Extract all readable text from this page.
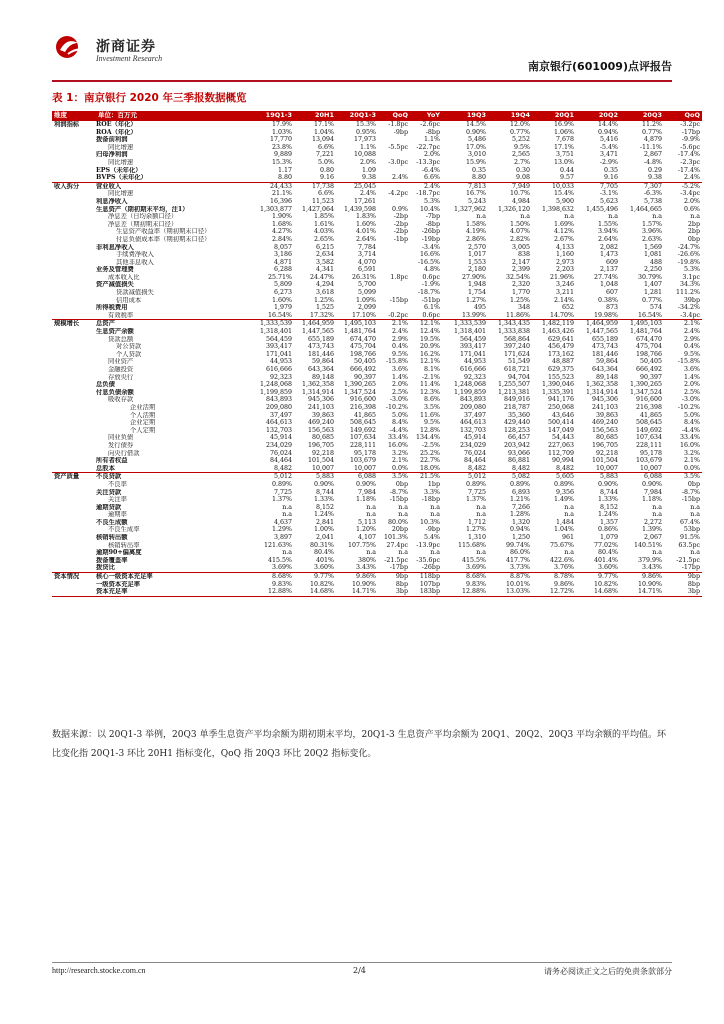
浙商证券
Investment Research
南京银行(601009)点评报告
表 1：南京银行 2020 年三季报数据概览
维度	单位：百万元	19Q1-3	20H1	20Q1-3	QoQ	YoY	19Q3	19Q4	20Q1	20Q2	20Q3	QoQ
利润指标	ROE（年化）	17.9%	17.1%	15.3%	-1.8pc	-2.6pc	14.5%	12.0%	16.9%	14.4%	11.2%	-3.2pc
	ROA（年化）	1.03%	1.04%	0.95%	-9bp	-8bp	0.90%	0.77%	1.06%	0.94%	0.77%	-17bp
	拨备前利润	17,770	13,094	17,973		1.1%	5,486	5,252	7,678	5,416	4,879	-9.9%
	同比增速	23.8%	6.6%	1.1%	-5.5pc	-22.7pc	17.0%	9.5%	17.1%	-5.4%	-11.1%	-5.6pc
	归母净利润	9,889	7,221	10,088		2.0%	3,010	2,565	3,751	3,471	2,867	-17.4%
	同比增速	15.3%	5.0%	2.0%	-3.0pc	-13.3pc	15.9%	2.7%	13.0%	-2.9%	-4.8%	-2.3pc
	EPS（未年化）	1.17	0.80	1.09		-6.4%	0.35	0.30	0.44	0.35	0.29	-17.4%
	BVPS（未年化）	8.80	9.16	9.38	2.4%	6.6%	8.80	9.08	9.57	9.16	9.38	2.4%
收入拆分	营业收入	24,433	17,738	25,045		2.4%	7,813	7,949	10,033	7,705	7,307	-5.2%
	同比增速	21.1%	6.6%	2.4%	-4.2pc	-18.7pc	16.7%	10.7%	15.4%	-3.1%	-6.3%	-3.4pc
	利息净收入	16,396	11,523	17,261		5.3%	5,243	4,984	5,900	5,623	5,738	2.0%
	生息资产（期初期末平均，注1）	1,303,877	1,427,064	1,439,598	0.9%	10.4%	1,327,962	1,326,120	1,398,632	1,455,496	1,464,665	0.6%
	净息差（日均余额口径）	1.90%	1.85%	1.83%	-2bp	-7bp	n.a	n.a	n.a	n.a	n.a	n.a
	净息差（期初期末口径）	1.68%	1.61%	1.60%	-2bp	-8bp	1.58%	1.50%	1.69%	1.55%	1.57%	2bp
	生息资产收益率（期初期末口径）	4.27%	4.03%	4.01%	-2bp	-26bp	4.19%	4.07%	4.12%	3.94%	3.96%	2bp
	付息负债成本率（期初期末口径）	2.84%	2.65%	2.64%	-1bp	-19bp	2.86%	2.82%	2.67%	2.64%	2.63%	0bp
	非利息净收入	8,057	6,215	7,784		-3.4%	2,570	3,005	4,133	2,082	1,569	-24.7%
	手续费净收入	3,186	2,634	3,714		16.6%	1,017	838	1,160	1,473	1,081	-26.6%
	其他非息收入	4,871	3,582	4,070		-16.5%	1,553	2,147	2,973	609	488	-19.8%
	业务及管理费	6,288	4,341	6,591		4.8%	2,180	2,399	2,203	2,137	2,250	5.3%
	成本收入比	25.71%	24.47%	26.31%	1.8pc	0.6pc	27.90%	32.54%	21.96%	27.74%	30.79%	3.1pc
	资产减值损失	5,809	4,294	5,700		-1.9%	1,948	2,320	3,246	1,048	1,407	34.3%
	贷款减值损失	6,273	3,618	5,099		-18.7%	1,754	1,770	3,211	607	1,281	111.2%
	信用成本	1.60%	1.25%	1.09%	-15bp	-51bp	1.27%	1.25%	2.14%	0.38%	0.77%	39bp
	所得税费用	1,979	1,525	2,099		6.1%	495	348	652	873	574	-34.2%
	有效税率	16.54%	17.32%	17.10%	-0.2pc	0.6pc	13.99%	11.86%	14.70%	19.98%	16.54%	-3.4pc
规模增长	总资产	1,333,539	1,464,959	1,495,103	2.1%	12.1%	1,333,539	1,343,435	1,482,119	1,464,959	1,495,103	2.1%
	生息资产余额	1,318,401	1,447,565	1,481,764	2.4%	12.4%	1,318,401	1,333,838	1,463,426	1,447,565	1,481,764	2.4%
	贷款总额	564,459	655,189	674,470	2.9%	19.5%	564,459	568,864	629,641	655,189	674,470	2.9%
	对公贷款	393,417	473,743	475,704	0.4%	20.9%	393,417	397,240	456,479	473,743	475,704	0.4%
	个人贷款	171,041	181,446	198,766	9.5%	16.2%	171,041	171,624	173,162	181,446	198,766	9.5%
	同业资产	44,953	59,864	50,405	-15.8%	12.1%	44,953	51,549	48,887	59,864	50,405	-15.8%
	金融投资	616,666	643,364	666,492	3.6%	8.1%	616,666	618,721	629,375	643,364	666,492	3.6%
	存放央行	92,323	89,148	90,397	1.4%	-2.1%	92,323	94,704	155,523	89,148	90,397	1.4%
	总负债	1,248,068	1,362,358	1,390,265	2.0%	11.4%	1,248,068	1,255,507	1,390,046	1,362,358	1,390,265	2.0%
	付息负债余额	1,199,859	1,314,914	1,347,524	2.5%	12.3%	1,199,859	1,213,381	1,335,391	1,314,914	1,347,524	2.5%
	吸收存款	843,893	945,306	916,600	-3.0%	8.6%	843,893	849,916	941,176	945,306	916,600	-3.0%
	企业活期	209,080	241,103	216,398	-10.2%	3.5%	209,080	218,787	250,068	241,103	216,398	-10.2%
	个人活期	37,497	39,863	41,865	5.0%	11.6%	37,497	35,360	43,646	39,863	41,865	5.0%
	企业定期	464,613	469,240	508,645	8.4%	9.5%	464,613	429,440	500,414	469,240	508,645	8.4%
	个人定期	132,703	156,563	149,692	-4.4%	12.8%	132,703	128,253	147,049	156,563	149,692	-4.4%
	同业负债	45,914	80,685	107,634	33.4%	134.4%	45,914	66,457	54,443	80,685	107,634	33.4%
	发行债券	234,029	196,705	228,111	16.0%	-2.5%	234,029	203,942	227,063	196,705	228,111	16.0%
	向央行借款	76,024	92,218	95,178	3.2%	25.2%	76,024	93,066	112,709	92,218	95,178	3.2%
	所有者权益	84,464	101,504	103,679	2.1%	22.7%	84,464	86,881	90,994	101,504	103,679	2.1%
	总股本	8,482	10,007	10,007	0.0%	18.0%	8,482	8,482	8,482	10,007	10,007	0.0%
资产质量	不良贷款	5,012	5,883	6,088	3.5%	21.5%	5,012	5,082	5,605	5,883	6,088	3.5%
	不良率	0.89%	0.90%	0.90%	0bp	1bp	0.89%	0.89%	0.89%	0.90%	0.90%	0bp
	关注贷款	7,725	8,744	7,984	-8.7%	3.3%	7,725	6,893	9,356	8,744	7,984	-8.7%
	关注率	1.37%	1.33%	1.18%	-15bp	-18bp	1.37%	1.21%	1.49%	1.33%	1.18%	-15bp
	逾期贷款	n.a	8,152	n.a	n.a	n.a	n.a	7,266	n.a	8,152	n.a	n.a
	逾期率	n.a	1.24%	n.a	n.a	n.a	n.a	1.28%	n.a	1.24%	n.a	n.a
	不良生成额	4,637	2,841	5,113	80.0%	10.3%	1,712	1,320	1,484	1,357	2,272	67.4%
	不良生成率	1.29%	1.00%	1.20%	20bp	-9bp	1.27%	0.94%	1.04%	0.86%	1.39%	53bp
	核销转出额	3,897	2,041	4,107	101.3%	5.4%	1,310	1,250	961	1,079	2,067	91.5%
	核销转出率	121.63%	80.31%	107.75%	27.4pc	-13.9pc	115.68%	99.74%	75.67%	77.02%	140.51%	63.5pc
	逾期90+偏离度	n.a	80.4%	n.a	n.a	n.a	n.a	86.0%	n.a	80.4%	n.a	n.a
	拨备覆盖率	415.5%	401%	380%	-21.5pc	-35.6pc	415.5%	417.7%	422.6%	401.4%	379.9%	-21.5pc
	拨贷比	3.69%	3.60%	3.43%	-17bp	-26bp	3.69%	3.73%	3.76%	3.60%	3.43%	-17bp
资本情况	核心一级资本充足率	8.68%	9.77%	9.86%	9bp	118bp	8.68%	8.87%	8.78%	9.77%	9.86%	9bp
	一级资本充足率	9.83%	10.82%	10.90%	8bp	107bp	9.83%	10.01%	9.86%	10.82%	10.90%	8bp
	资本充足率	12.88%	14.68%	14.71%	3bp	183bp	12.88%	13.03%	12.72%	14.68%	14.71%	3bp
数据来源：以 20Q1-3 举例，20Q3 单季生息资产平均余额为期初期末平均，20Q1-3 生息资产平均余额为 20Q1、20Q2、20Q3 平均余额的平均值。环比变化指 20Q1-3 环比 20H1 指标变化，QoQ 指 20Q3 环比 20Q2 指标变化。
http://research.stocke.com.cn	2/4	请务必阅读正文之后的免责条款部分
